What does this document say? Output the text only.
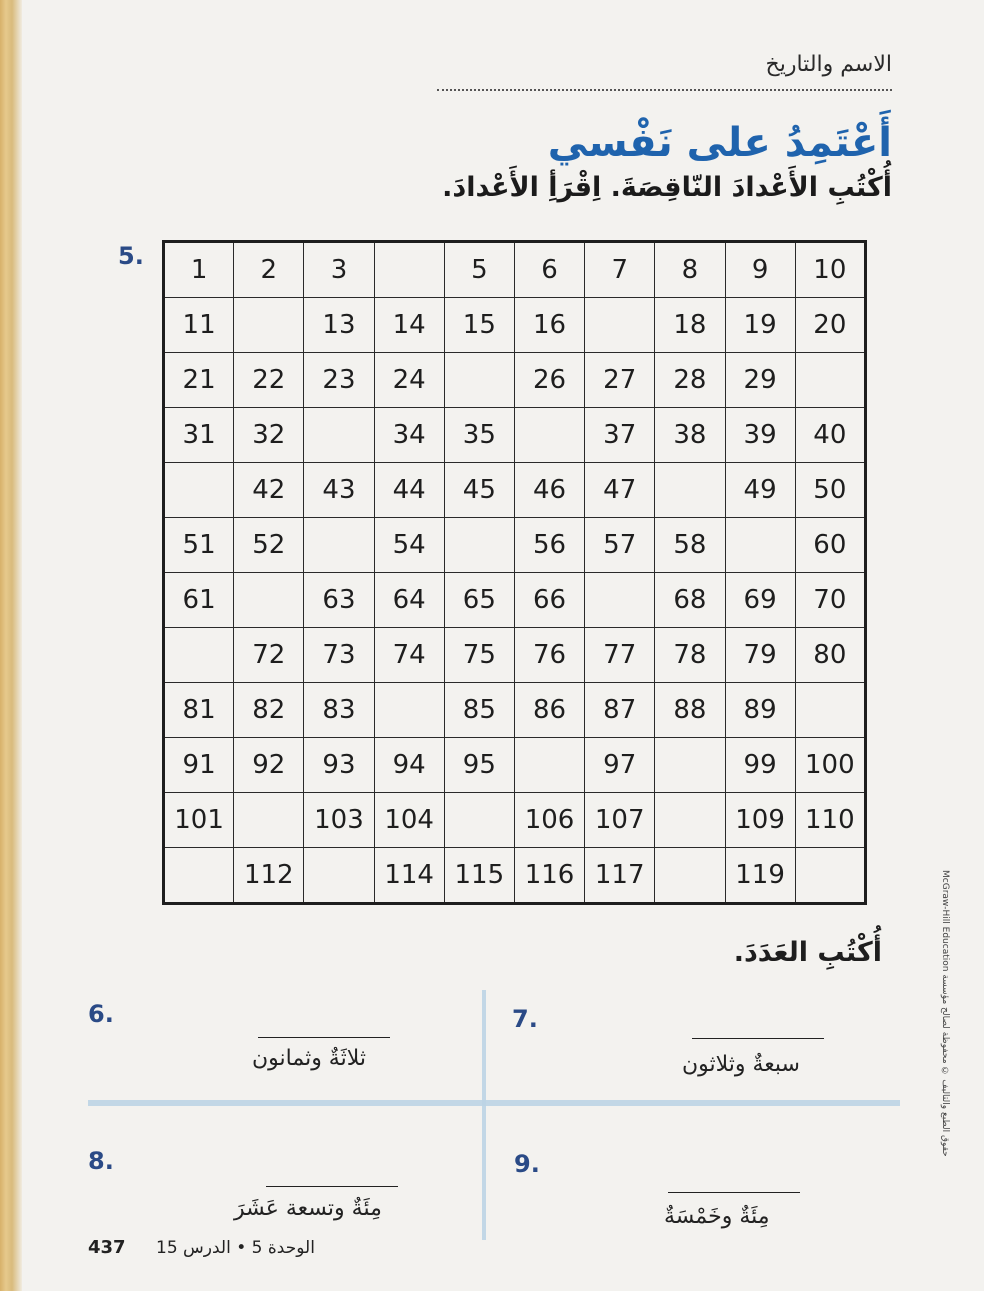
الاسم والتاريخ
أَعْتَمِدُ على نَفْسي
أُكْتُبِ الأَعْدادَ النّاقِصَةَ. اِقْرَأِ الأَعْدادَ.
5. 1	2	3		5	6	7	8	9	10
11		13	14	15	16		18	19	20
21	22	23	24		26	27	28	29	
31	32		34	35		37	38	39	40
	42	43	44	45	46	47		49	50
51	52		54		56	57	58		60
61		63	64	65	66		68	69	70
	72	73	74	75	76	77	78	79	80
81	82	83		85	86	87	88	89	
91	92	93	94	95		97		99	100
101		103	104		106	107		109	110
	112		114	115	116	117		119	
أُكْتُبِ العَدَدَ.
6.
ثلاثَةٌ وثمانون
7.
سبعةٌ وثلاثون
8.
مِئَةٌ وتسعة عَشَرَ
9.
مِئَةٌ وخَمْسَةٌ
437 الوحدة 5 • الدرس 15
McGraw-Hill Education حقوق الطبع والتأليف © محفوظة لصالح مؤسسة
